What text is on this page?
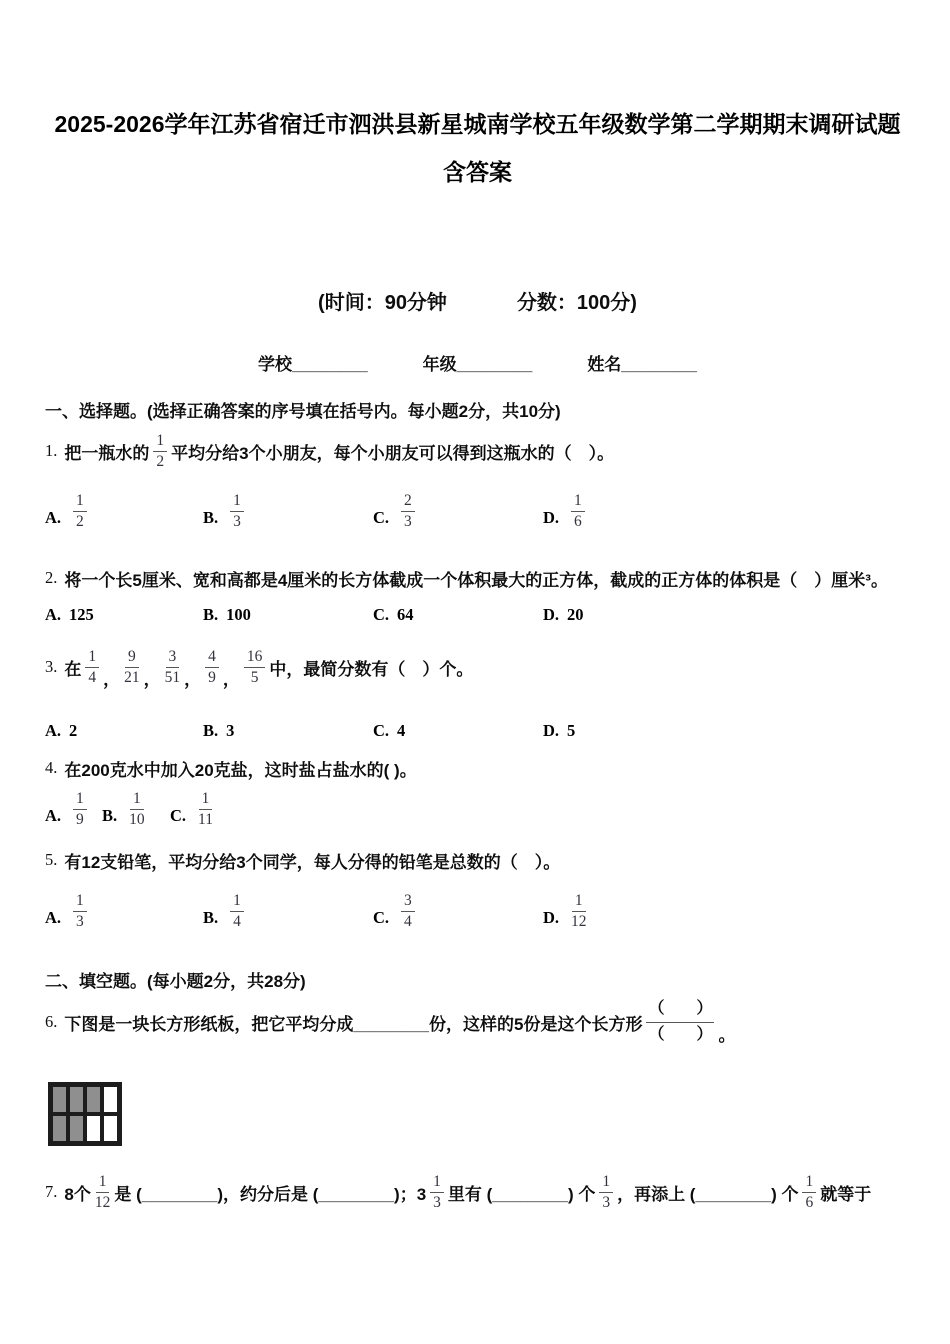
2025-2026学年江苏省宿迁市泗洪县新星城南学校五年级数学第二学期期末调研试题
含答案
(时间：90分钟	分数：100分)
学校________	年级________	姓名________
一、选择题。(选择正确答案的序号填在括号内。每小题2分，共10分)
1. 把一瓶水的 $\frac{1}{2}$ 平均分给3个小朋友，每个小朋友可以得到这瓶水的（　）。
A. $\frac{1}{2}$	B. $\frac{1}{3}$	C. $\frac{2}{3}$	D. $\frac{1}{6}$
2. 将一个长5厘米、宽和高都是4厘米的长方体截成一个体积最大的正方体，截成的正方体的体积是（　）厘米³。
A. 125	B. 100	C. 64	D. 20
3. 在 $\frac{1}{4}$ ， $\frac{9}{21}$ ， $\frac{3}{51}$ ， $\frac{4}{9}$ ， $\frac{16}{5}$ 中，最简分数有（　）个。
A. 2	B. 3	C. 4	D. 5
4. 在200克水中加入20克盐，这时盐占盐水的( )。
A. $\frac{1}{9} B$. $\frac{1}{10} C$. $\frac{1}{11}$
5. 有12支铅笔，平均分给3个同学，每人分得的铅笔是总数的（　）。
A. $\frac{1}{3}$	B. $\frac{1}{4}$	C. $\frac{3}{4}$	D. $\frac{1}{12}$
二、填空题。(每小题2分，共28分)
6. 下图是一块长方形纸板，把它平均分成________份，这样的5份是这个长方形
（　　）
（　　） 。
7. 8个 $\frac{1}{12}$ 是 (________)，约分后是 (________)；$3 \frac{1}{3}$ 里有 (________) 个 $\frac{1}{3}$ ，再添上 (________) 个 $\frac{1}{6}$ 就等于
